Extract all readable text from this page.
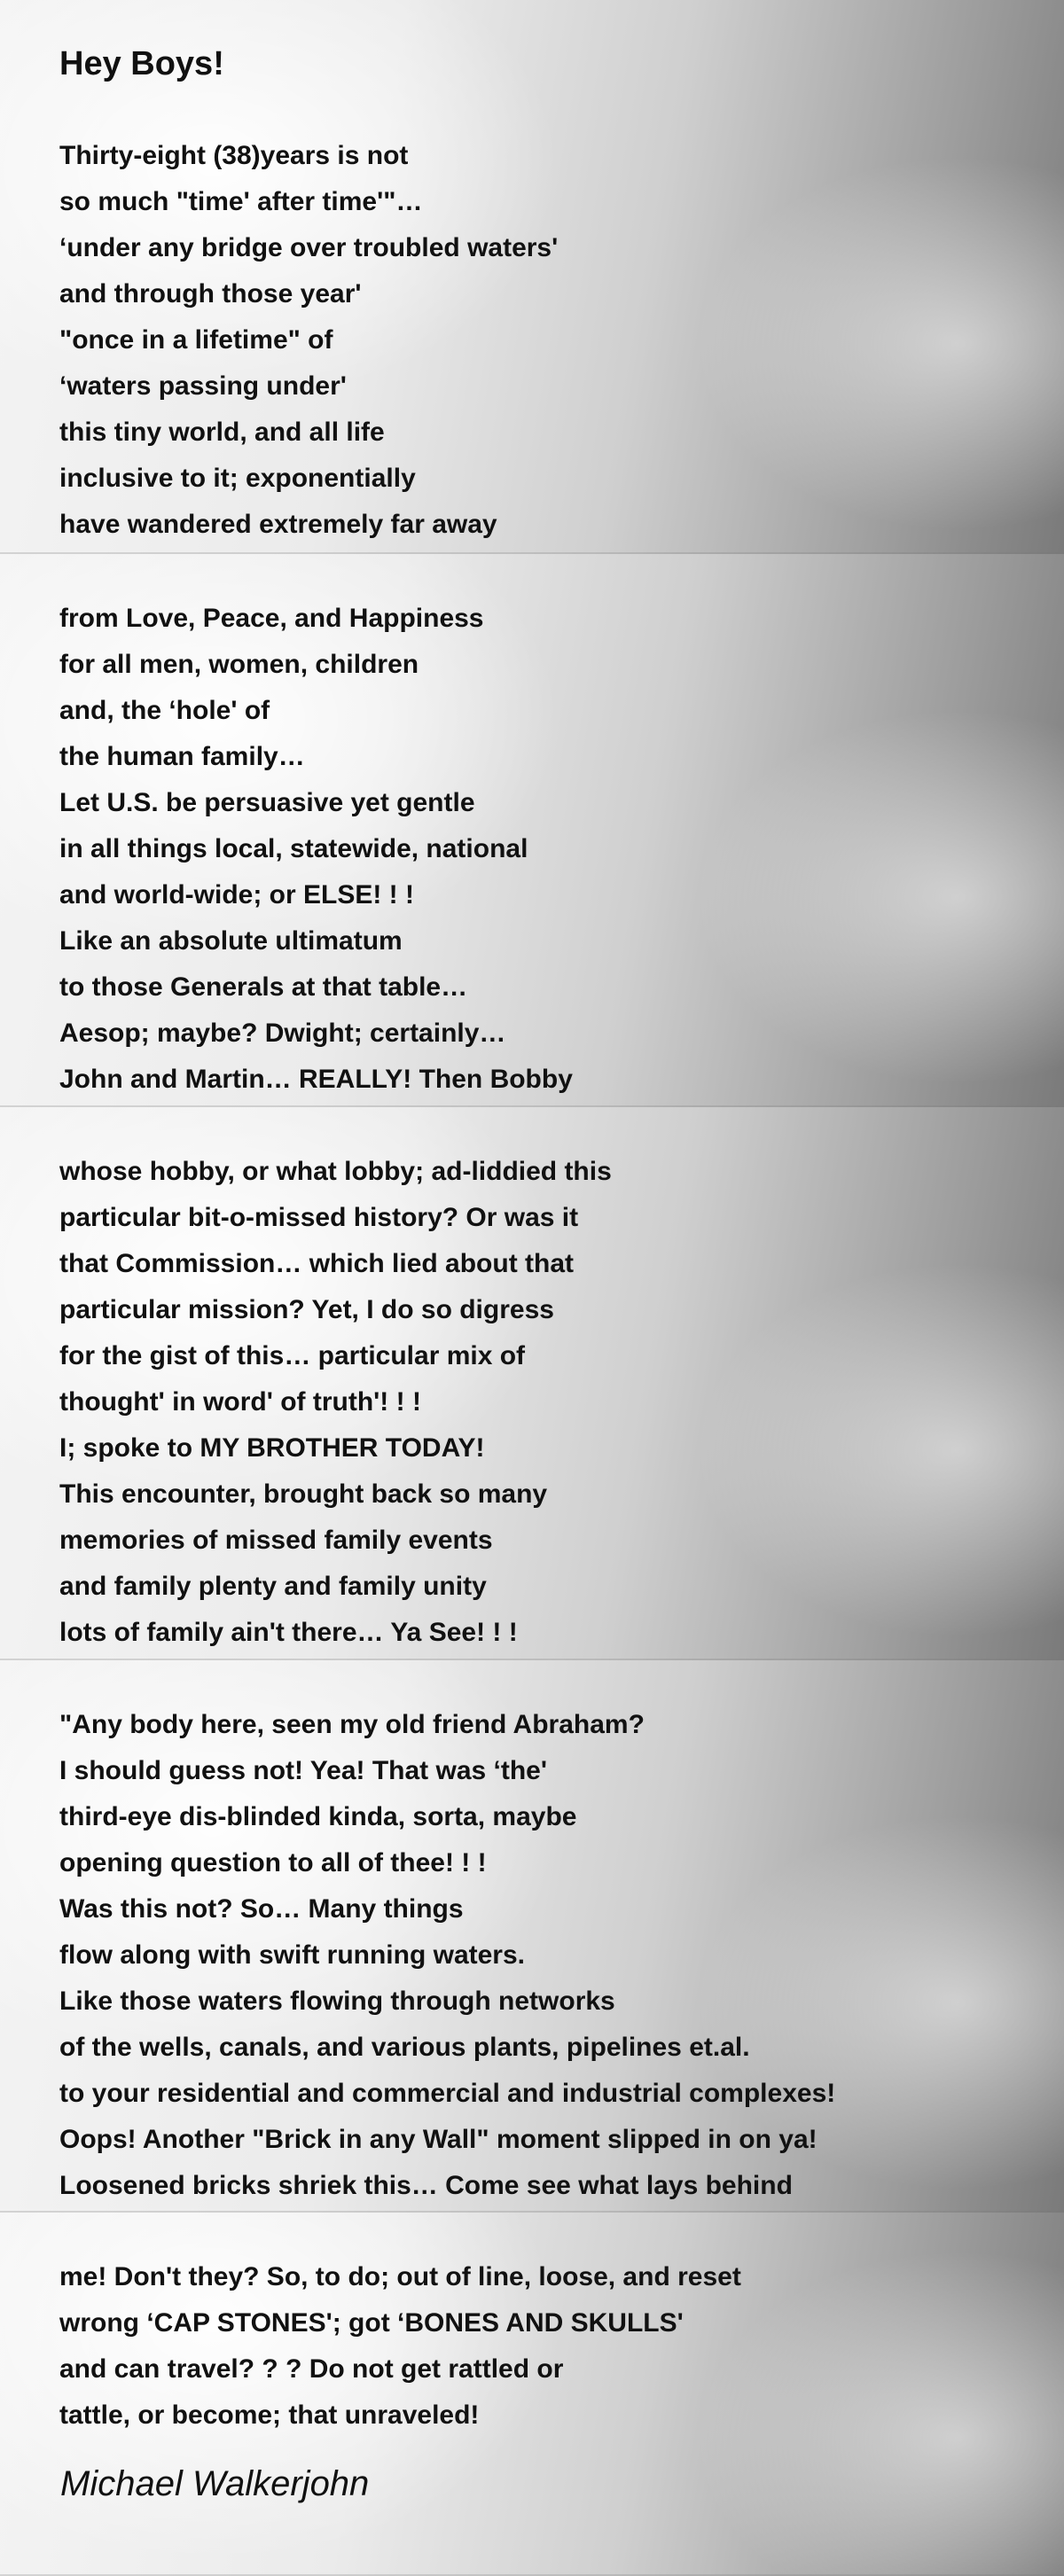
Hey Boys!
Thirty-eight (38)years is not
so much "time' after time'"…
‘under any bridge over troubled waters'
and through those year'
"once in a lifetime" of
‘waters passing under'
this tiny world, and all life
inclusive to it; exponentially
have wandered extremely far away
from Love, Peace, and Happiness
for all men, women, children
and, the ‘hole' of
the human family…
Let U.S. be persuasive yet gentle
in all things local, statewide, national
and world-wide; or ELSE! ! !
Like an absolute ultimatum
to those Generals at that table…
Aesop; maybe? Dwight; certainly…
John and Martin… REALLY! Then Bobby
whose hobby, or what lobby; ad-liddied this
particular bit-o-missed history? Or was it
that Commission… which lied about that
particular mission? Yet, I do so digress
for the gist of this… particular mix of
thought' in word' of truth'! ! !
I; spoke to MY BROTHER TODAY!
This encounter, brought back so many
memories of missed family events
and family plenty and family unity
lots of family ain't there… Ya See! ! !
"Any body here, seen my old friend Abraham?
I should guess not! Yea! That was ‘the'
third-eye dis-blinded kinda, sorta, maybe
opening question to all of thee! ! !
Was this not? So… Many things
flow along with swift running waters.
Like those waters flowing through networks
of the wells, canals, and various plants, pipelines et.al.
to your residential and commercial and industrial complexes!
Oops! Another "Brick in any Wall" moment slipped in on ya!
Loosened bricks shriek this… Come see what lays behind
me! Don't they? So, to do; out of line, loose, and reset
wrong ‘CAP STONES'; got ‘BONES AND SKULLS'
and can travel? ? ? Do not get rattled or
tattle, or become; that unraveled!
Michael Walkerjohn
